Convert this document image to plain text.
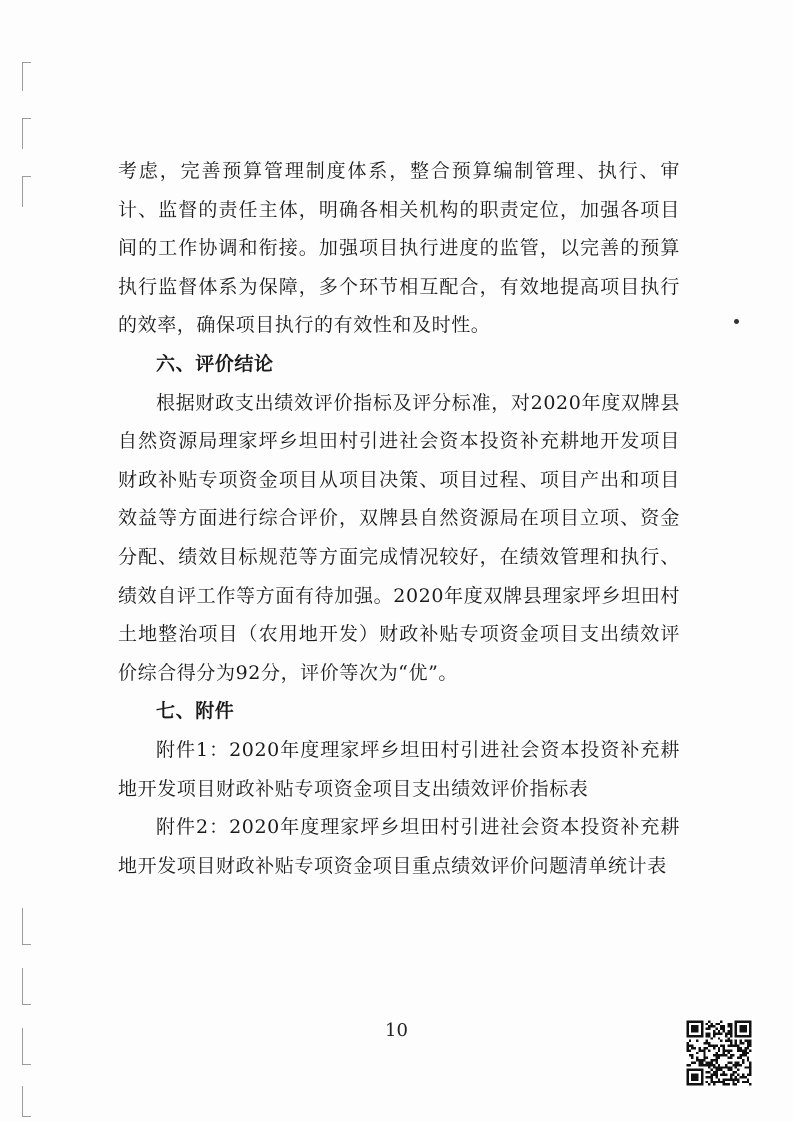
考虑，完善预算管理制度体系，整合预算编制管理、执行、审计、监督的责任主体，明确各相关机构的职责定位，加强各项目间的工作协调和衔接。加强项目执行进度的监管，以完善的预算执行监督体系为保障，多个环节相互配合，有效地提高项目执行的效率，确保项目执行的有效性和及时性。

六、评价结论

根据财政支出绩效评价指标及评分标准，对2020年度双牌县自然资源局理家坪乡坦田村引进社会资本投资补充耕地开发项目财政补贴专项资金项目从项目决策、项目过程、项目产出和项目效益等方面进行综合评价，双牌县自然资源局在项目立项、资金分配、绩效目标规范等方面完成情况较好，在绩效管理和执行、绩效自评工作等方面有待加强。2020年度双牌县理家坪乡坦田村土地整治项目（农用地开发）财政补贴专项资金项目支出绩效评价综合得分为92分，评价等次为“优”。

七、附件

附件1：2020年度理家坪乡坦田村引进社会资本投资补充耕地开发项目财政补贴专项资金项目支出绩效评价指标表

附件2：2020年度理家坪乡坦田村引进社会资本投资补充耕地开发项目财政补贴专项资金项目重点绩效评价问题清单统计表

10
